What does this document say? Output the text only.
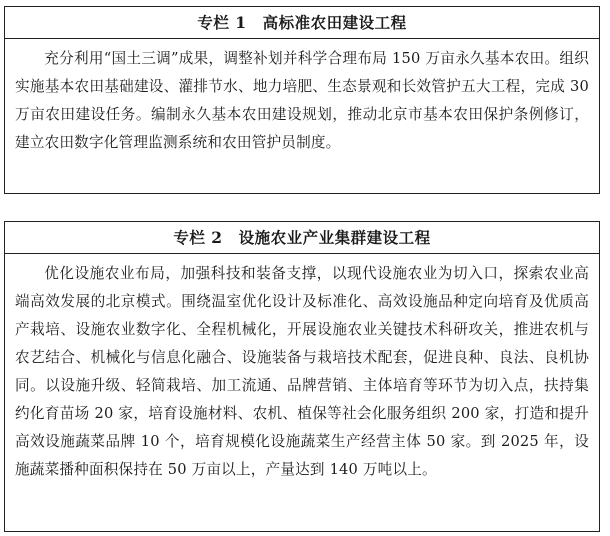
专栏 1 高标准农田建设工程

充分利用“国土三调”成果，调整补划并科学合理布局 150 万亩永久基本农田。组织实施基本农田基础建设、灌排节水、地力培肥、生态景观和长效管护五大工程，完成 30 万亩农田建设任务。编制永久基本农田建设规划，推动北京市基本农田保护条例修订，建立农田数字化管理监测系统和农田管护员制度。

专栏 2 设施农业产业集群建设工程

优化设施农业布局，加强科技和装备支撑，以现代设施农业为切入口，探索农业高端高效发展的北京模式。围绕温室优化设计及标准化、高效设施品种定向培育及优质高产栽培、设施农业数字化、全程机械化，开展设施农业关键技术科研攻关，推进农机与农艺结合、机械化与信息化融合、设施装备与栽培技术配套，促进良种、良法、良机协同。以设施升级、轻简栽培、加工流通、品牌营销、主体培育等环节为切入点，扶持集约化育苗场 20 家，培育设施材料、农机、植保等社会化服务组织 200 家，打造和提升高效设施蔬菜品牌 10 个，培育规模化设施蔬菜生产经营主体 50 家。到 2025 年，设施蔬菜播种面积保持在 50 万亩以上，产量达到 140 万吨以上。
